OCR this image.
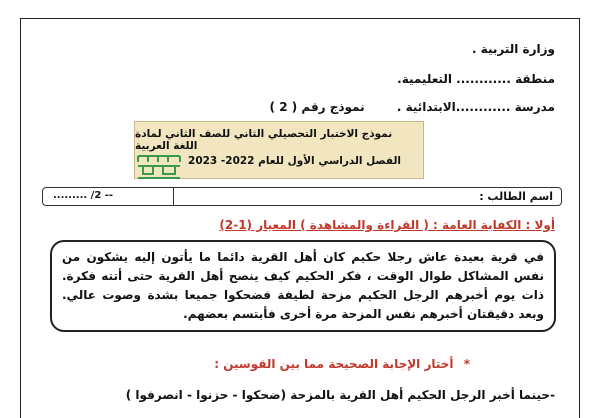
وزارة التربية .
منطقة ............ التعليمية.
مدرسة ............الابتدائية . نموذج رقم ( 2 )
نموذج الاختبار التحصيلي الثاني للصف الثاني لمادة اللغة العربية
الفصل الدراسي الأول للعام 2022- 2023
اسم الطالب :
......... /2 --
أولا : الكفاية العامة : ( القراءة والمشاهدة ) المعيار (1-2)
في قرية بعيدة عاش رجلا حكيم كان أهل القرية دائما ما يأتون إليه يشكون من نفس المشاكل طوال الوقت ، فكر الحكيم كيف ينصح أهل القرية حتى أتته فكرة. ذات يوم أخبرهم الرجل الحكيم مزحة لطيفة فضحكوا جميعا بشدة وصوت عالي. وبعد دقيقتان أخبرهم نفس المزحة مرة أخرى فأبتسم بعضهم.
* أختار الإجابة الصحيحة مما بين القوسين :
-حينما أخبر الرجل الحكيم أهل القرية بالمزحة (ضحكوا - حزنوا - انصرفوا )
